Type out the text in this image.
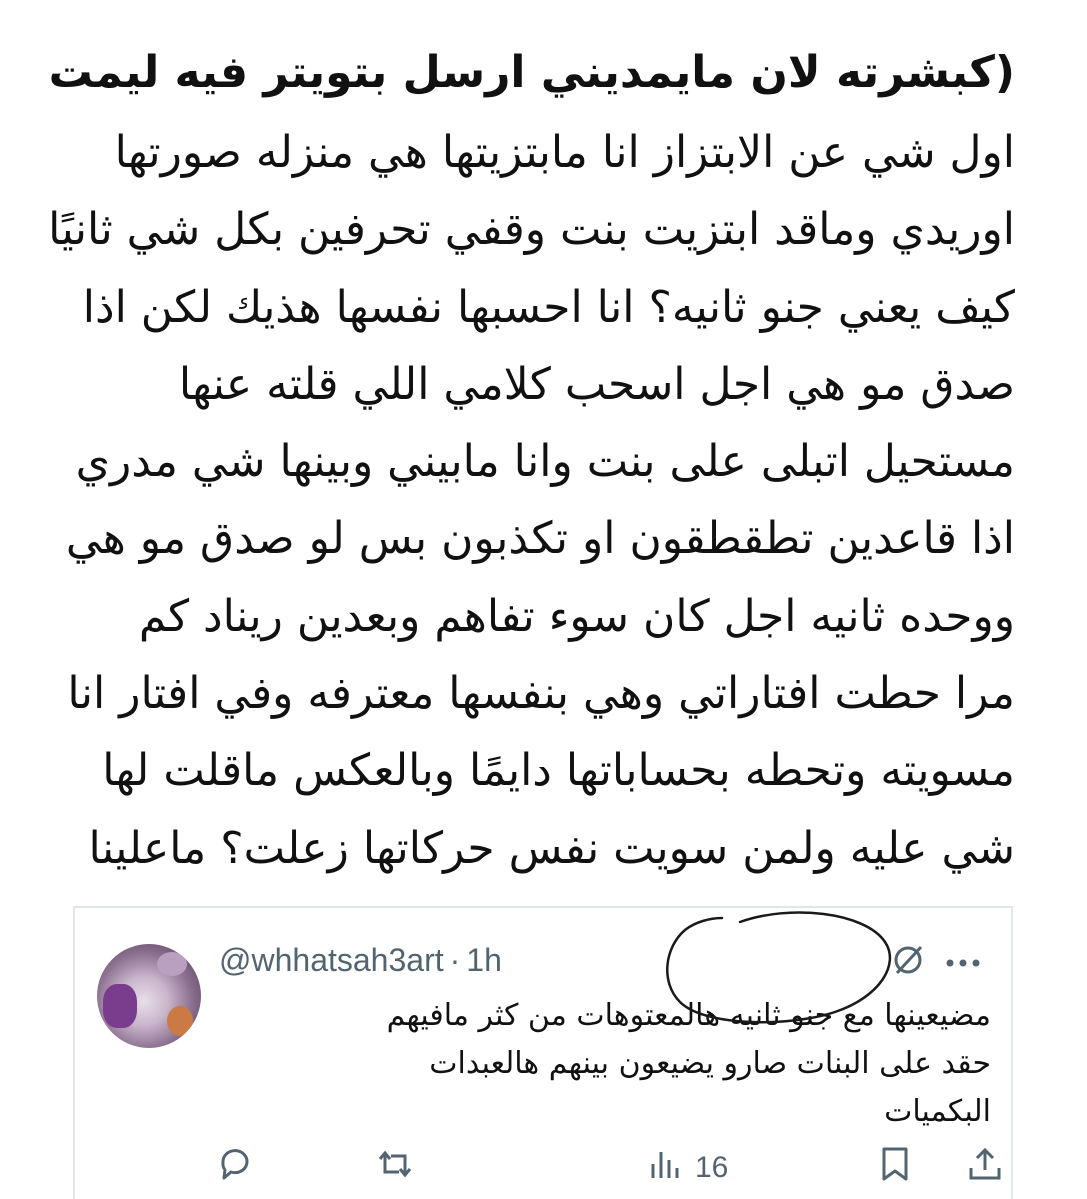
(كبشرته لان مايمديني ارسل بتويتر فيه ليمت
اول شي عن الابتزاز انا مابتزيتها هي منزله صورتها
اوريدي وماقد ابتزيت بنت وقفي تحرفين بكل شي ثانيًا
كيف يعني جنو ثانيه؟ انا احسبها نفسها هذيك لكن اذا
صدق مو هي اجل اسحب كلامي اللي قلته عنها
مستحيل اتبلى على بنت وانا مابيني وبينها شي مدري
اذا قاعدين تطقطقون او تكذبون بس لو صدق مو هي
ووحده ثانيه اجل كان سوء تفاهم وبعدين ريناد كم
مرا حطت افتاراتي وهي بنفسها معترفه وفي افتار انا
مسويته وتحطه بحساباتها دايمًا وبالعكس ماقلت لها
شي عليه ولمن سويت نفس حركاتها زعلت؟ ماعلينا
@whhatsah3art · 1h
مضيعينها مع جنو ثانيه هالمعتوهات من كثر مافيهم
حقد على البنات صارو يضيعون بينهم هالعبدات
البكميات
16
